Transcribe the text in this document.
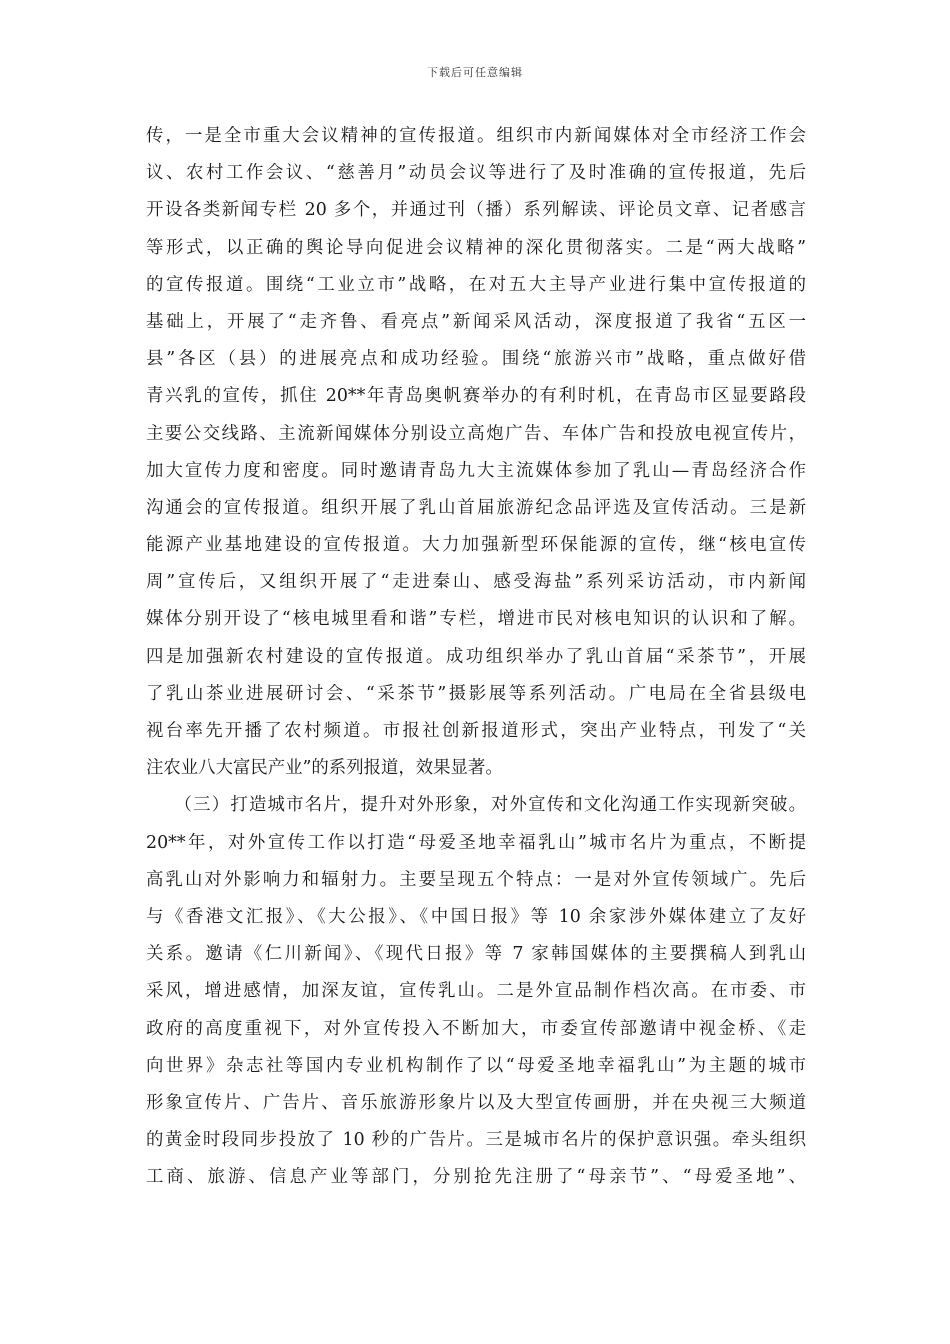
下载后可任意编辑
传，一是全市重大会议精神的宣传报道。组织市内新闻媒体对全市经济工作会
议、农村工作会议、“慈善月”动员会议等进行了及时准确的宣传报道，先后
开设各类新闻专栏 20 多个，并通过刊（播）系列解读、评论员文章、记者感言
等形式，以正确的舆论导向促进会议精神的深化贯彻落实。二是“两大战略”
的宣传报道。围绕“工业立市”战略，在对五大主导产业进行集中宣传报道的
基础上，开展了“走齐鲁、看亮点”新闻采风活动，深度报道了我省“五区一
县”各区（县）的进展亮点和成功经验。围绕“旅游兴市”战略，重点做好借
青兴乳的宣传，抓住 20**年青岛奥帆赛举办的有利时机，在青岛市区显要路段
主要公交线路、主流新闻媒体分别设立高炮广告、车体广告和投放电视宣传片，
加大宣传力度和密度。同时邀请青岛九大主流媒体参加了乳山—青岛经济合作
沟通会的宣传报道。组织开展了乳山首届旅游纪念品评选及宣传活动。三是新
能源产业基地建设的宣传报道。大力加强新型环保能源的宣传，继“核电宣传
周”宣传后，又组织开展了“走进秦山、感受海盐”系列采访活动，市内新闻
媒体分别开设了“核电城里看和谐”专栏，增进市民对核电知识的认识和了解。
四是加强新农村建设的宣传报道。成功组织举办了乳山首届“采茶节”，开展
了乳山茶业进展研讨会、“采茶节”摄影展等系列活动。广电局在全省县级电
视台率先开播了农村频道。市报社创新报道形式，突出产业特点，刊发了“关
注农业八大富民产业”的系列报道，效果显著。
　　（三）打造城市名片，提升对外形象，对外宣传和文化沟通工作实现新突破。
20**年，对外宣传工作以打造“母爱圣地幸福乳山”城市名片为重点，不断提
高乳山对外影响力和辐射力。主要呈现五个特点：一是对外宣传领域广。先后
与《香港文汇报》、《大公报》、《中国日报》等 10 余家涉外媒体建立了友好
关系。邀请《仁川新闻》、《现代日报》等 7 家韩国媒体的主要撰稿人到乳山
采风，增进感情，加深友谊，宣传乳山。二是外宣品制作档次高。在市委、市
政府的高度重视下，对外宣传投入不断加大，市委宣传部邀请中视金桥、《走
向世界》杂志社等国内专业机构制作了以“母爱圣地幸福乳山”为主题的城市
形象宣传片、广告片、音乐旅游形象片以及大型宣传画册，并在央视三大频道
的黄金时段同步投放了 10 秒的广告片。三是城市名片的保护意识强。牵头组织
工商、旅游、信息产业等部门，分别抢先注册了“母亲节”、“母爱圣地”、
